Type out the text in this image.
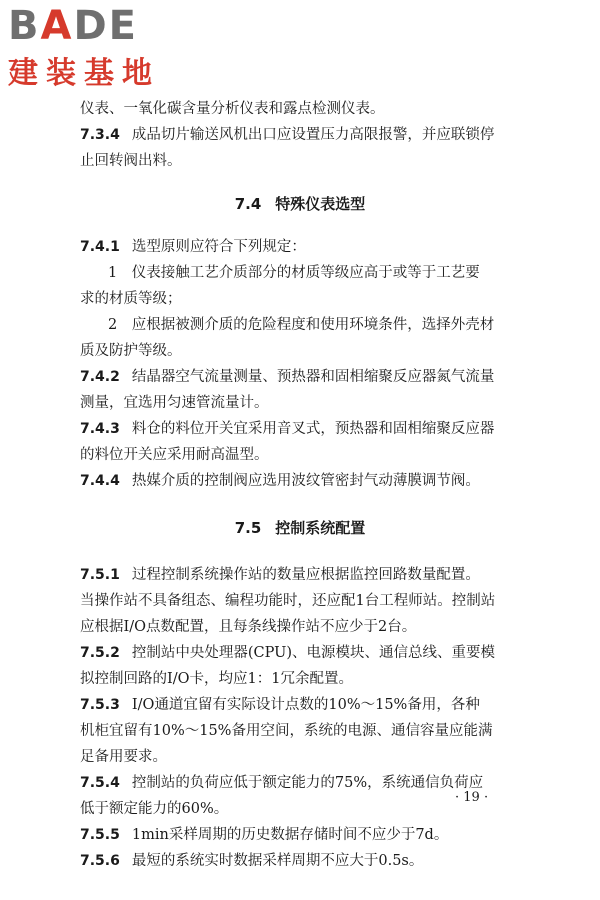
BADE
建装基地
仪表、一氧化碳含量分析仪表和露点检测仪表。
7.3.4 成品切片输送风机出口应设置压力高限报警，并应联锁停
止回转阀出料。
7.4 特殊仪表选型
7.4.1 选型原则应符合下列规定：
1　仪表接触工艺介质部分的材质等级应高于或等于工艺要
求的材质等级；
2　应根据被测介质的危险程度和使用环境条件，选择外壳材
质及防护等级。
7.4.2 结晶器空气流量测量、预热器和固相缩聚反应器氮气流量
测量，宜选用匀速管流量计。
7.4.3 料仓的料位开关宜采用音叉式，预热器和固相缩聚反应器
的料位开关应采用耐高温型。
7.4.4 热媒介质的控制阀应选用波纹管密封气动薄膜调节阀。
7.5 控制系统配置
7.5.1 过程控制系统操作站的数量应根据监控回路数量配置。
当操作站不具备组态、编程功能时，还应配1台工程师站。控制站
应根据I/O点数配置，且每条线操作站不应少于2台。
7.5.2 控制站中央处理器(CPU)、电源模块、通信总线、重要模
拟控制回路的I/O卡，均应1：1冗余配置。
7.5.3 I/O通道宜留有实际设计点数的10%～15%备用，各种
机柜宜留有10%～15%备用空间，系统的电源、通信容量应能满
足备用要求。
7.5.4 控制站的负荷应低于额定能力的75%，系统通信负荷应
低于额定能力的60%。
7.5.5 1min采样周期的历史数据存储时间不应少于7d。
7.5.6 最短的系统实时数据采样周期不应大于0.5s。
· 19 ·
